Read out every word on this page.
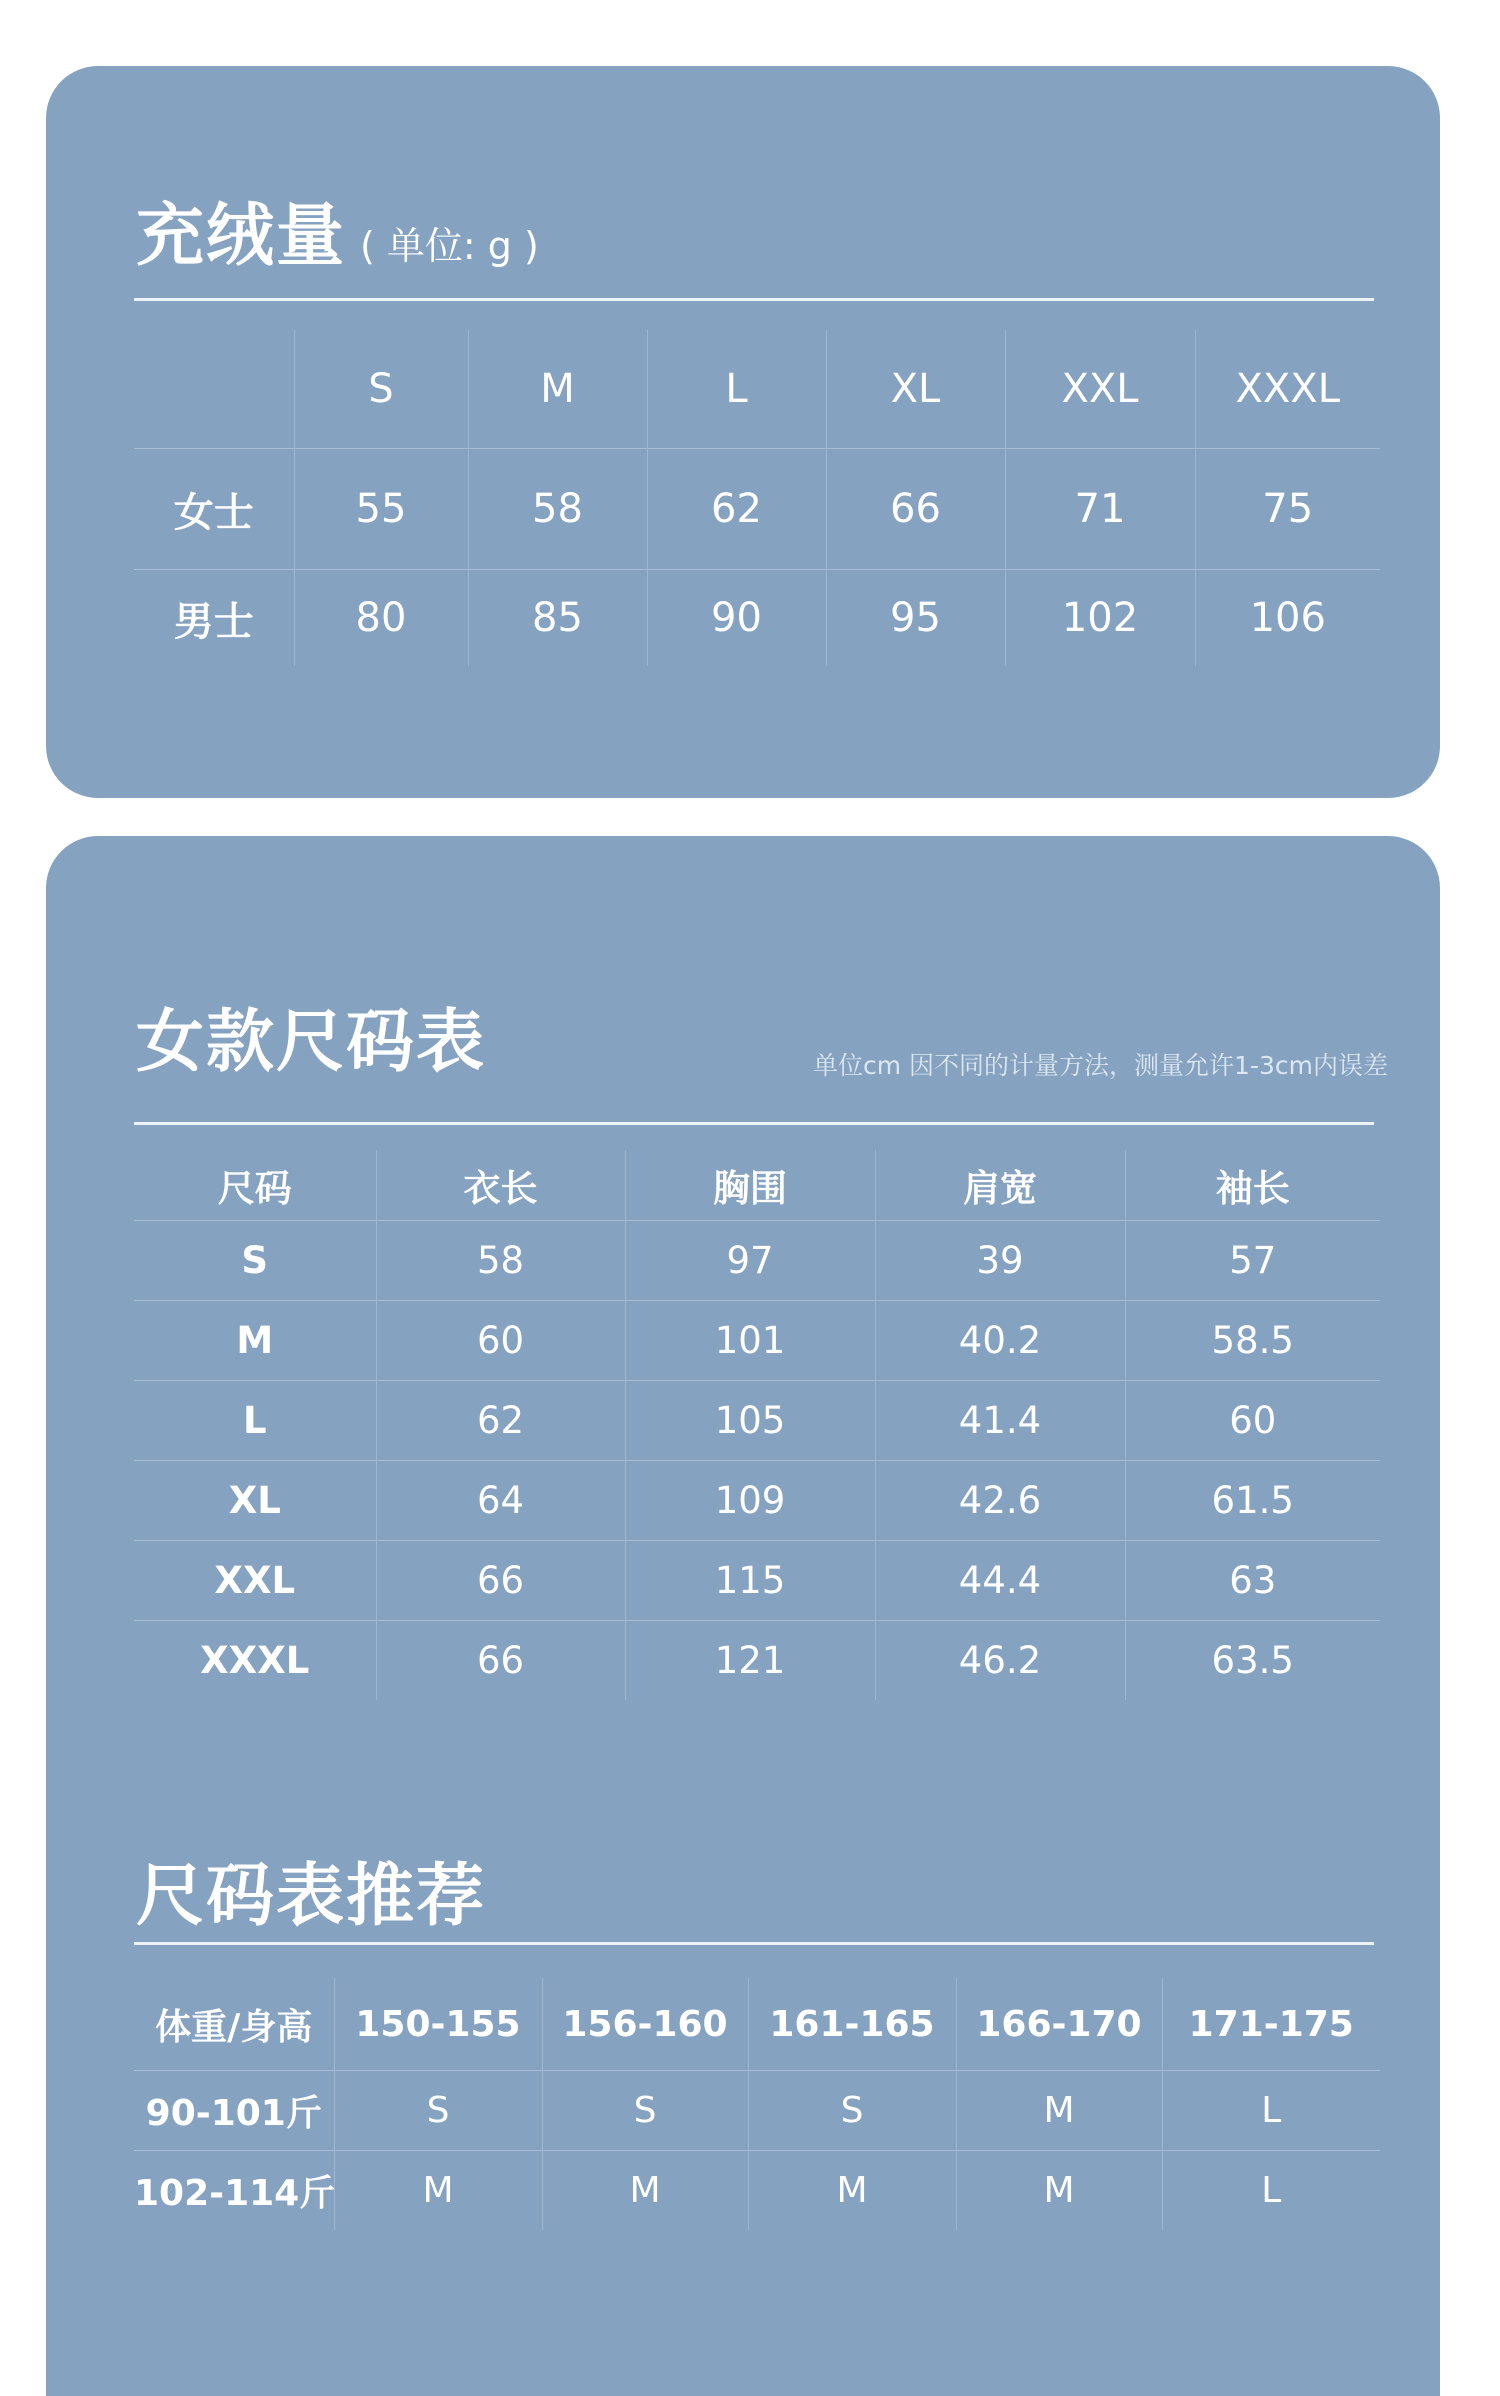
充绒量 ( 单位: g )
	S	M	L	XL	XXL	XXXL
女士	55	58	62	66	71	75
男士	80	85	90	95	102	106
女款尺码表	单位cm 因不同的计量方法，测量允许1-3cm内误差
尺码	衣长	胸围	肩宽	袖长
S	58	97	39	57
M	60	101	40.2	58.5
L	62	105	41.4	60
XL	64	109	42.6	61.5
XXL	66	115	44.4	63
XXXL	66	121	46.2	63.5
尺码表推荐
体重/身高	150-155	156-160	161-165	166-170	171-175
90-101斤	S	S	S	M	L
102-114斤	M	M	M	M	L
